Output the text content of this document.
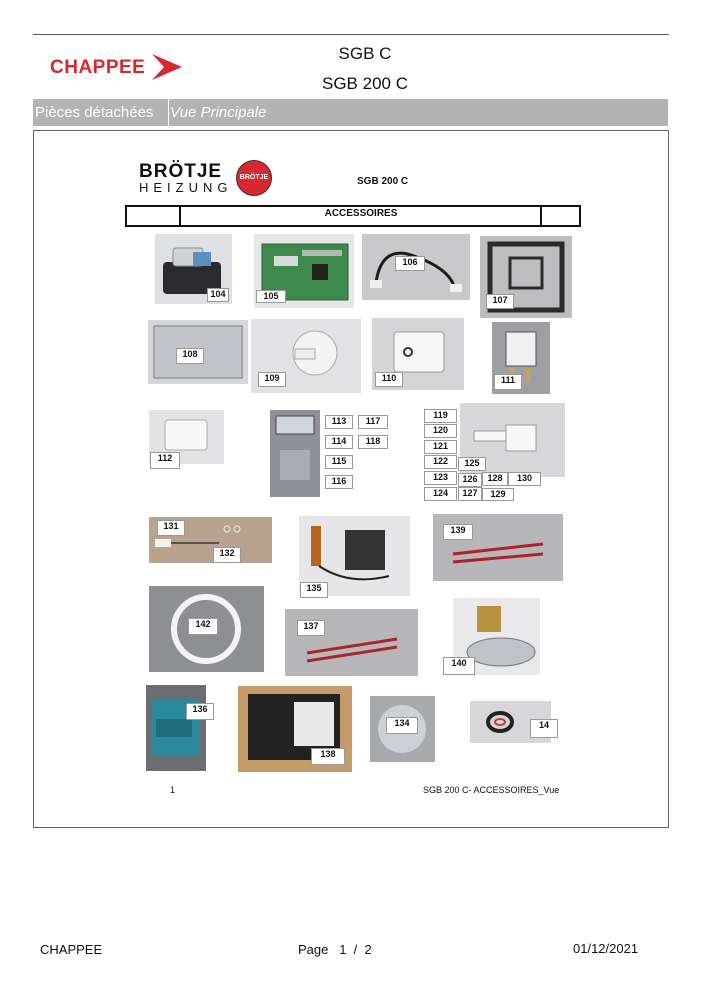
CHAPPEE
SGB C
SGB 200 C
Pièces détachées	Vue Principale
BRÖTJE
HEIZUNG
BRÖTJE	SGB 200 C
ACCESSOIRES
104	105
106
107
108
109	110	111
112
113
114
115
116
117
118
119
120
121
122
123
124
125
126
127
128
129
130
131
132
135
139
142	137
140
136
138
134	14
1	SGB 200 C- ACCESSOIRES_Vue
CHAPPEE	Page   1  /  2	01/12/2021
